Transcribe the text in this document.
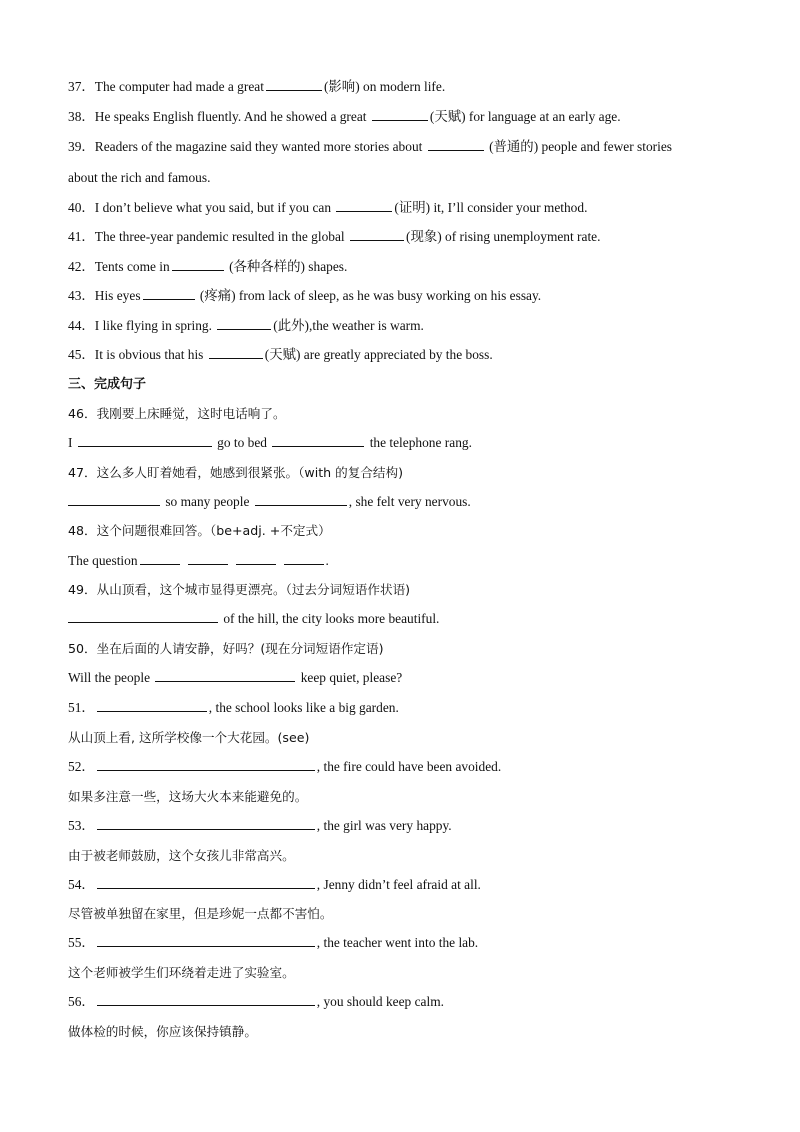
37．The computer had made a great	(影响) on modern life.
38．He speaks English fluently. And he showed a great	(天赋) for language at an early age.
39．Readers of the magazine said they wanted more stories about	(普通的) people and fewer stories
about the rich and famous.
40．I don’t believe what you said, but if you can	(证明) it, I’ll consider your method.
41．The three-year pandemic resulted in the global	(现象) of rising unemployment rate.
42．Tents come in	(各种各样的) shapes.
43．His eyes	(疼痛) from lack of sleep, as he was busy working on his essay.
44．I like flying in spring.	(此外),the weather is warm.
45．It is obvious that his	(天赋) are greatly appreciated by the boss.
三、完成句子
46．我刚要上床睡觉，这时电话响了。
I	go to bed	the telephone rang.
47．这么多人盯着她看，她感到很紧张。（with 的复合结构)
so many people	, she felt very nervous.
48．这个问题很难回答。（be+adj. +不定式）
The question	.
49．从山顶看，这个城市显得更漂亮。（过去分词短语作状语)
of the hill, the city looks more beautiful.
50．坐在后面的人请安静，好吗？(现在分词短语作定语)
Will the people	keep quiet, please?
51．	, the school looks like a big garden.
从山顶上看, 这所学校像一个大花园。(see)
52．	, the fire could have been avoided.
如果多注意一些，这场大火本来能避免的。
53．	, the girl was very happy.
由于被老师鼓励，这个女孩儿非常高兴。
54．	, Jenny didn’t feel afraid at all.
尽管被单独留在家里，但是珍妮一点都不害怕。
55．	, the teacher went into the lab.
这个老师被学生们环绕着走进了实验室。
56．	, you should keep calm.
做体检的时候，你应该保持镇静。
